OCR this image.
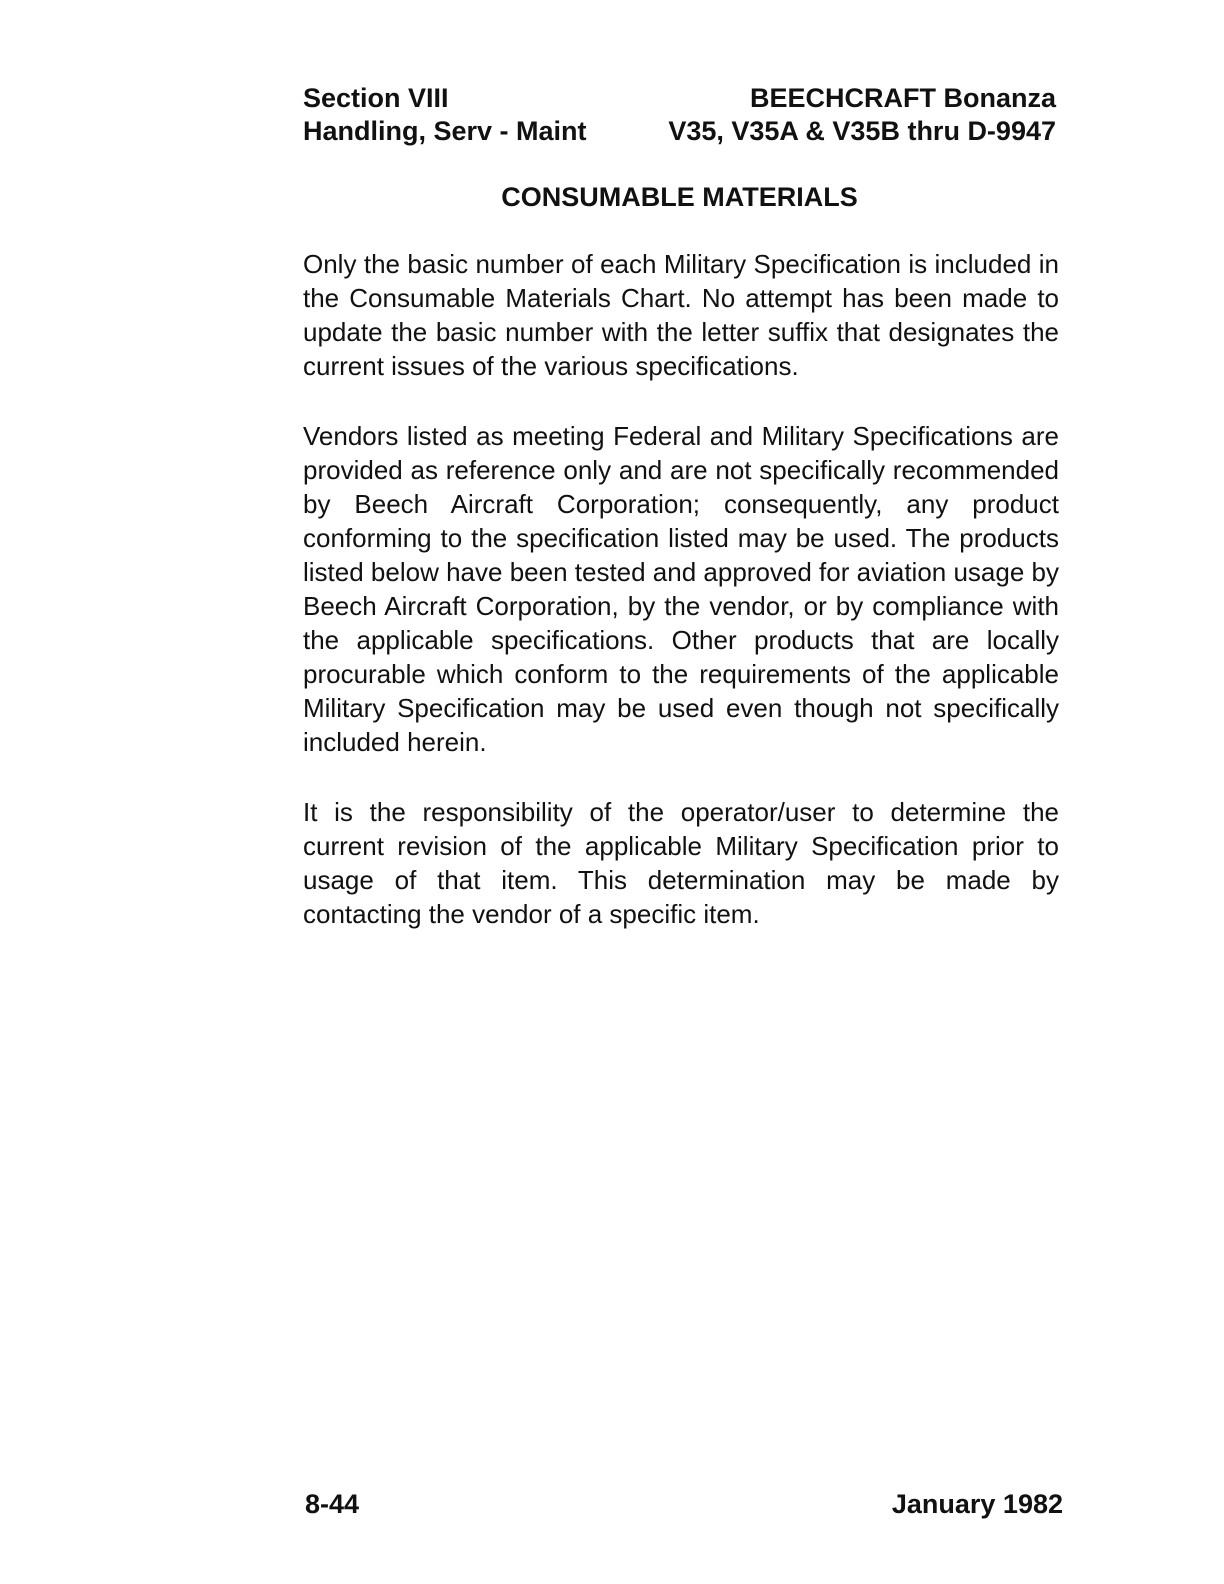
Section VIII	BEECHCRAFT Bonanza
Handling, Serv - Maint	V35, V35A & V35B thru D-9947
CONSUMABLE MATERIALS

Only the basic number of each Military Specification is included in the Consumable Materials Chart. No attempt has been made to update the basic number with the letter suffix that designates the current issues of the various specifications.

Vendors listed as meeting Federal and Military Specifications are provided as reference only and are not specifically recommended by Beech Aircraft Corporation; consequently, any product conforming to the specification listed may be used. The products listed below have been tested and approved for aviation usage by Beech Aircraft Corporation, by the vendor, or by compliance with the applicable specifications. Other products that are locally procurable which conform to the requirements of the applicable Military Specification may be used even though not specifically included herein.

It is the responsibility of the operator/user to determine the current revision of the applicable Military Specification prior to usage of that item. This determination may be made by contacting the vendor of a specific item.

8-44	January 1982
